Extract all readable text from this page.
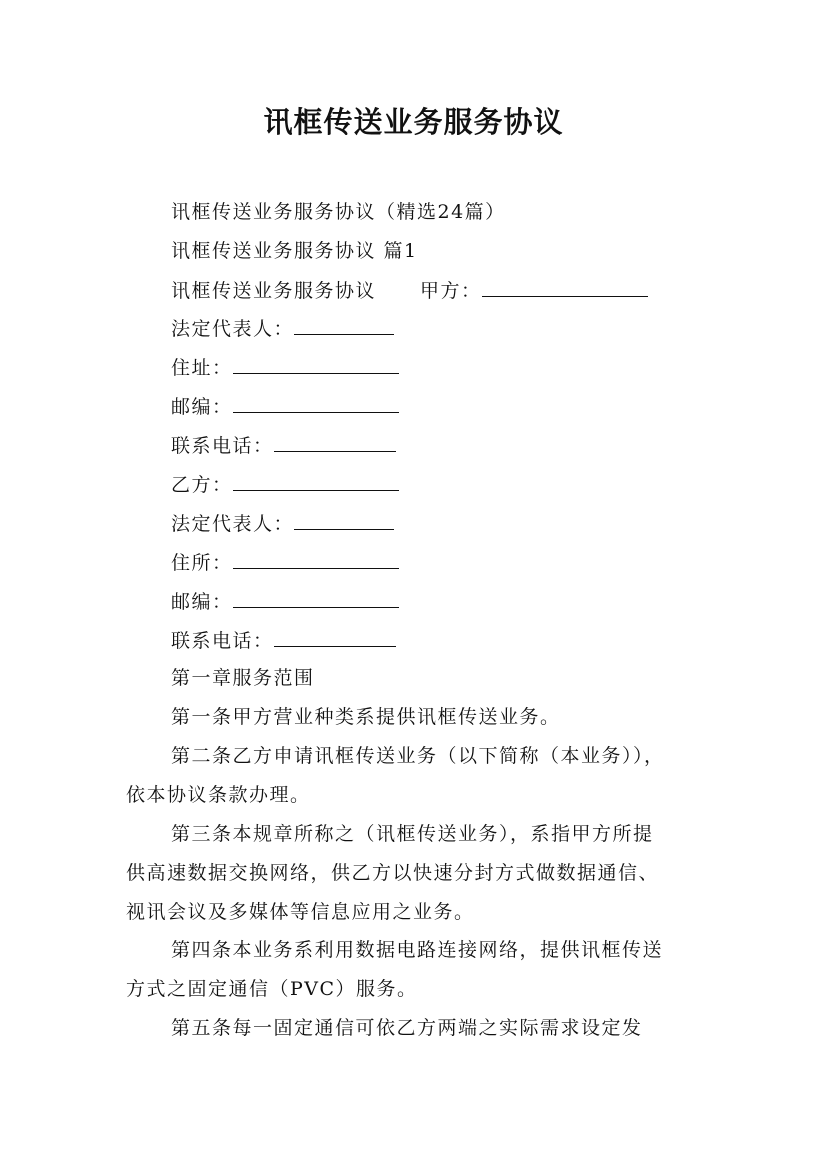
讯框传送业务服务协议
讯框传送业务服务协议（精选24篇）
讯框传送业务服务协议 篇1
讯框传送业务服务协议 甲方：
法定代表人：
住址：
邮编：
联系电话：
乙方：
法定代表人：
住所：
邮编：
联系电话：
第一章服务范围
第一条甲方营业种类系提供讯框传送业务。
第二条乙方申请讯框传送业务（以下简称（本业务）），
依本协议条款办理。
第三条本规章所称之（讯框传送业务），系指甲方所提
供高速数据交换网络，供乙方以快速分封方式做数据通信、
视讯会议及多媒体等信息应用之业务。
第四条本业务系利用数据电路连接网络，提供讯框传送
方式之固定通信（PVC）服务。
第五条每一固定通信可依乙方两端之实际需求设定发
